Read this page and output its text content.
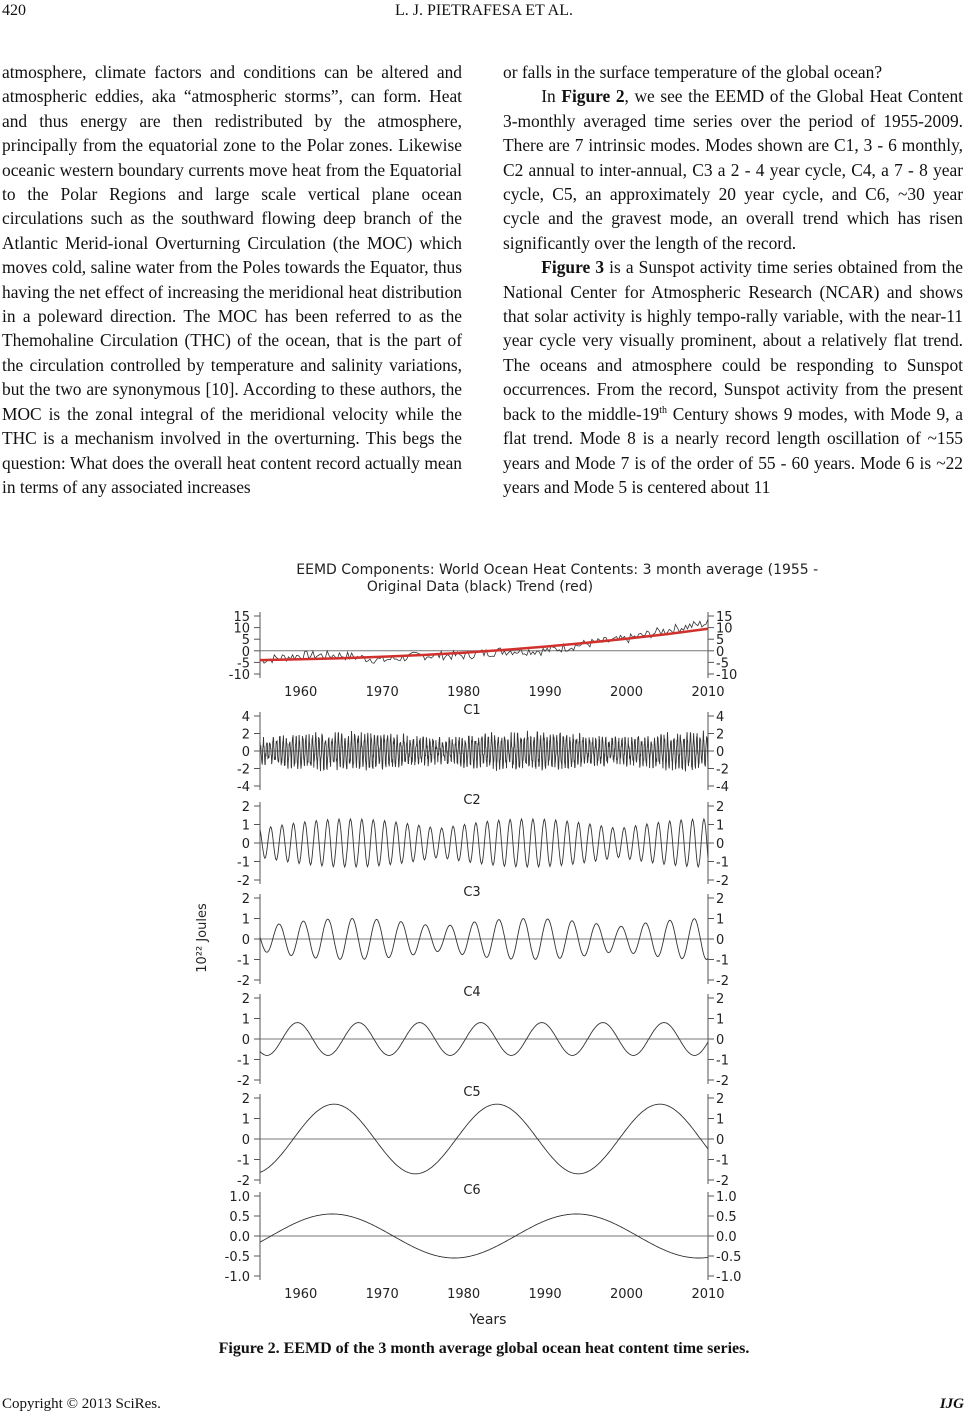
420	L. J. PIETRAFESA ET AL.

atmosphere, climate factors and conditions can be altered and atmospheric eddies, aka “atmospheric storms”, can form. Heat and thus energy are then redistributed by the atmosphere, principally from the equatorial zone to the Polar zones. Likewise oceanic western boundary currents move heat from the Equatorial to the Polar Regions and large scale vertical plane ocean circulations such as the southward flowing deep branch of the Atlantic Merid-ional Overturning Circulation (the MOC) which moves cold, saline water from the Poles towards the Equator, thus having the net effect of increasing the meridional heat distribution in a poleward direction. The MOC has been referred to as the Themohaline Circulation (THC) of the ocean, that is the part of the circulation controlled by temperature and salinity variations, but the two are synonymous [10]. According to these authors, the MOC is the zonal integral of the meridional velocity while the THC is a mechanism involved in the overturning. This begs the question: What does the overall heat content record actually mean in terms of any associated increases

or falls in the surface temperature of the global ocean?

In Figure 2, we see the EEMD of the Global Heat Content 3-monthly averaged time series over the period of 1955-2009. There are 7 intrinsic modes. Modes shown are C1, 3 - 6 monthly, C2 annual to inter-annual, C3 a 2 - 4 year cycle, C4, a 7 - 8 year cycle, C5, an approximately 20 year cycle, and C6, ~30 year cycle and the gravest mode, an overall trend which has risen significantly over the length of the record.

Figure 3 is a Sunspot activity time series obtained from the National Center for Atmospheric Research (NCAR) and shows that solar activity is highly tempo-rally variable, with the near-11 year cycle very visually prominent, about a relatively flat trend. The oceans and atmosphere could be responding to Sunspot occurrences. From the record, Sunspot activity from the present back to the middle-19th Century shows 9 modes, with Mode 9, a flat trend. Mode 8 is a nearly record length oscillation of ~155 years and Mode 7 is of the order of 55 - 60 years. Mode 6 is ~22 years and Mode 5 is centered about 11

EEMD Components: World Ocean Heat Contents: 3 month average (1955 - 2010)
Original Data (black) Trend (red)
10²² Joules
Years
15	15
10	10
5	5
0	0
-5	-5
-10	-10
1960	1970	1980	1990	2000	2010
4	4
2	2
0	0
-2	-2
-4	-4
C1
2	2
1	1
0	0
-1	-1
-2	-2
C2
2	2
1	1
0	0
-1	-1
-2	-2
C3
2	2
1	1
0	0
-1	-1
-2	-2
C4
2	2
1	1
0	0
-1	-1
-2	-2
C5
1.0	1.0
0.5	0.5
0.0	0.0
-0.5	-0.5
-1.0	-1.0
C6
1960	1970	1980	1990	2000	2010
Figure 2. EEMD of the 3 month average global ocean heat content time series.
Copyright © 2013 SciRes.	IJG
